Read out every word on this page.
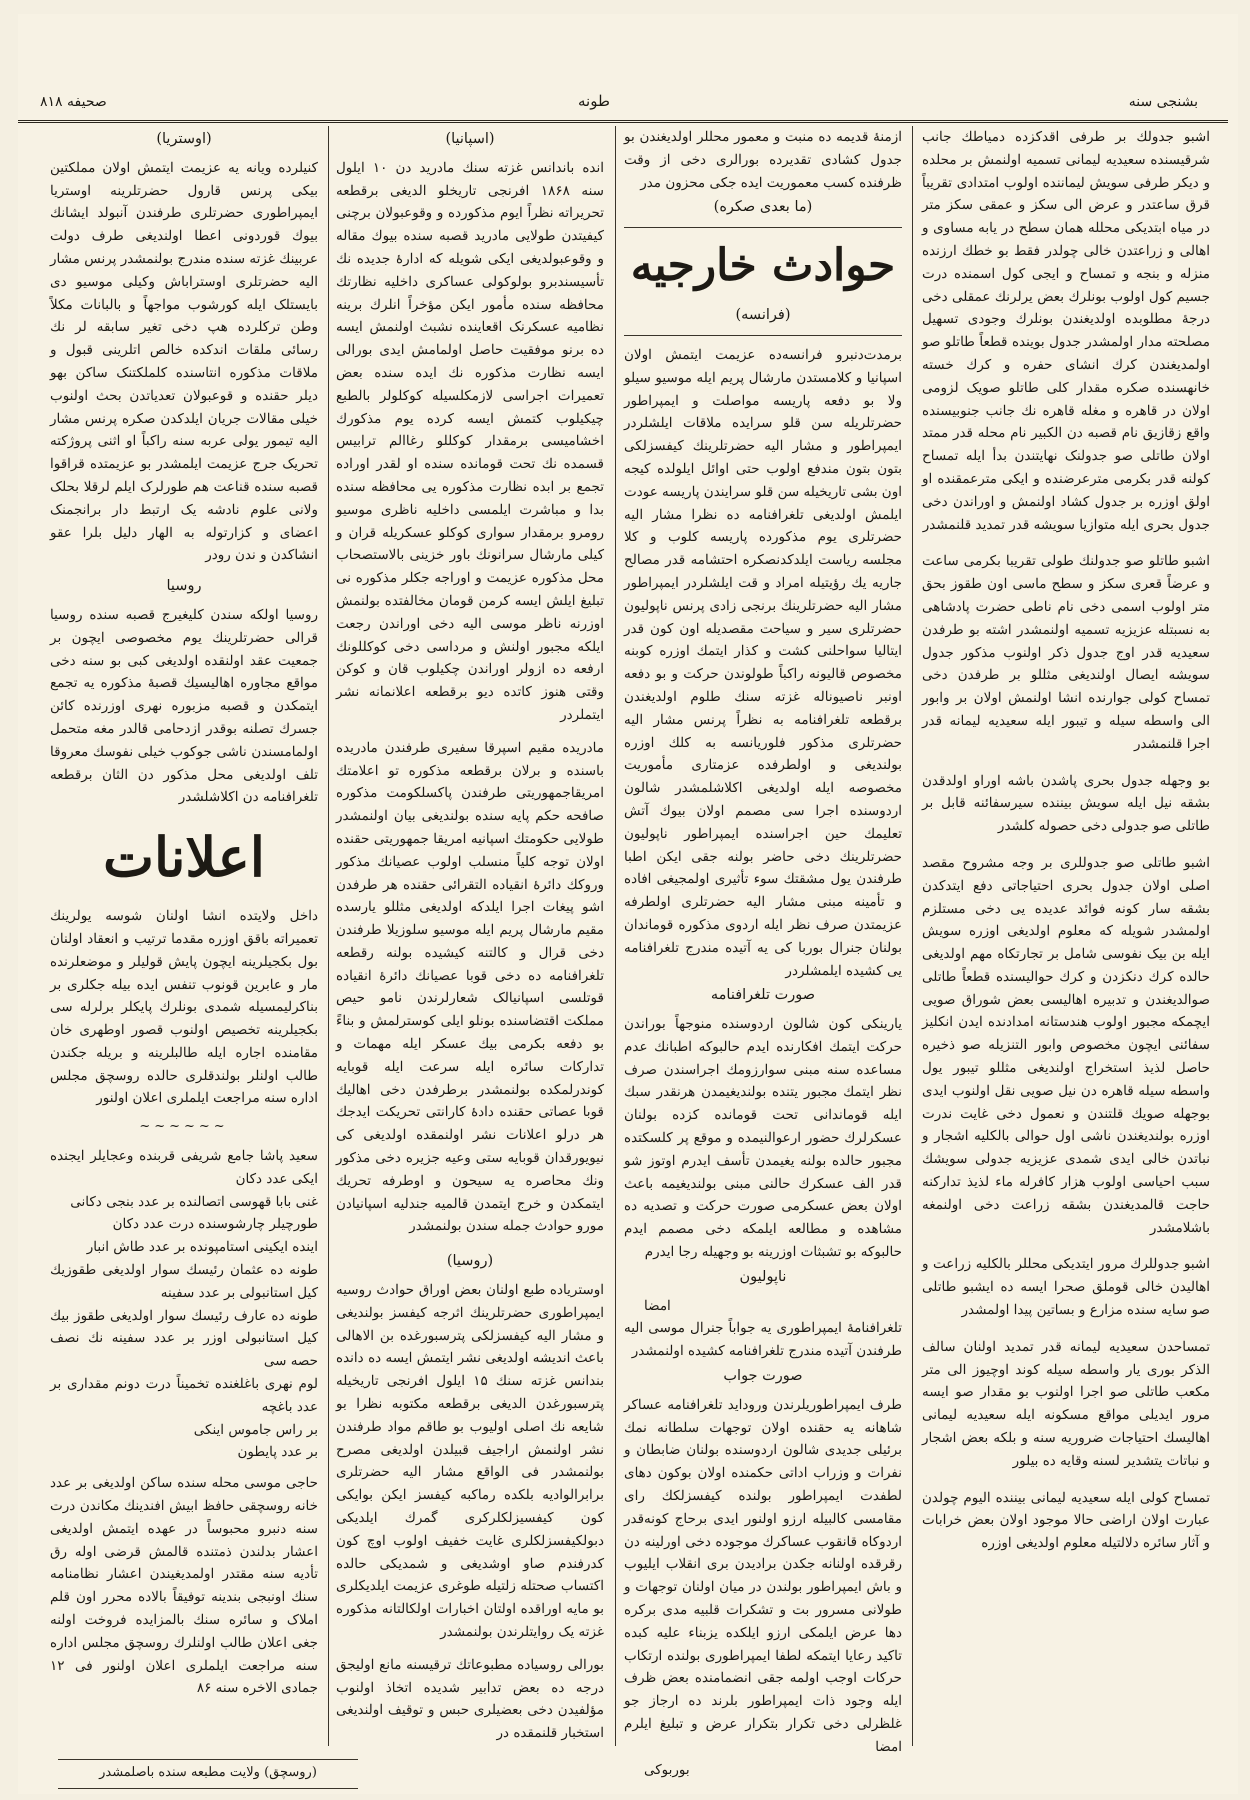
صحیفه ۸۱۸	طونه	بشنجی سنه
اشبو جدولك بر طرفی اقدکزده دمیاطك جانب شرقیسنده سعیدیه لیمانی تسمیه اولنمش بر محلده و دیکر طرفی سویش لیماننده اولوب امتدادی تقریباً قرق ساعتدر و عرض الی سکز و عمقی سکز متر در میاه ابتدیکی محلله همان سطح در یابه مساوی و اهالی و زراعتدن خالی چولدر فقط بو خطك ارزنده منزله و بنجه و تمساح و ایجی کول اسمنده درت جسیم کول اولوب بونلرك بعض یرلرنك عمقلی دخی درجهٔ مطلوبده اولدیغندن بونلرك وجودی تسهیل مصلحته مدار اولمشدر جدول بوینده قطعاً طاتلو صو اولمدیغندن کرك انشای حفره و کرك خسته خانهسنده صکره مقدار کلی طاتلو صویک لزومی اولان در قاهره و مغله قاهره نك جانب جنوبیسنده واقع زقازیق نام قصبه دن الکبیر نام محله قدر ممتد اولان طاتلی صو جدولنک نهایتندن بدأ ایله تمساح کولنه قدر بکرمی مترعرضنده و ایکی مترعمقنده او اولق اوزره بر جدول کشاد اولنمش و اوراندن دخی جدول بحری ایله متوازیا سویشه قدر تمدید قلنمشدر
اشبو طاتلو صو جدولنك طولی تقریبا بکرمی ساعت و عرضاً قعری سکز و سطح ماسی اون طقوز بحق متر اولوب اسمی دخی نام ناطی حضرت پادشاهی به نسبتله عزیزیه تسمیه اولنمشدر اشته بو طرفدن سعیدیه قدر اوج جدول ذکر اولنوب مذکور جدول سویشه ایصال اولندیغی مثللو بر طرفدن دخی تمساح کولی جوارنده انشا اولنمش اولان بر وابور الی واسطه سیله و تیبور ایله سعیدیه لیمانه قدر اجرا قلنمشدر
بو وجهله جدول بحری پاشدن باشه اوراو اولدقدن بشقه نیل ایله سویش بیننده سیرسفائنه قابل بر طاتلی صو جدولی دخی حصوله کلشدر
اشبو طاتلی صو جدوللری بر وجه مشروح مقصد اصلی اولان جدول بحری احتیاجاتی دفع ایتدکدن بشقه سار کونه فوائد عدیده یی دخی مستلزم اولمشدر شویله که معلوم اولدیغی اوزره سویش ایله بن بیک نفوسی شامل بر تجارتکاه مهم اولدیغی حالده کرك دنکزدن و کرك حوالیسنده قطعاً طاتلی صوالدیغندن و تدبیره اهالیسی بعض شوراق صویی ایچمکه مجبور اولوب هندستانه امدادنده ایدن انکلیز سفائنی ایچون مخصوص وابور التنزیله صو ذخیره حاصل لذیذ استخراج اولندیغی مثللو تیبور یول واسطه سیله قاهره دن نیل صویی نقل اولنوب ایدی بوجهله صویك قلتندن و نعمول دخی غایت ندرت اوزره بولندیغندن ناشی اول حوالی بالکلیه اشجار و نباتدن خالی ایدی شمدی عزیزیه جدولی سویشك سبب احیاسی اولوب هزار کافرله ماء لذیذ تدارکنه حاجت قالمدیغندن بشقه زراعت دخی اولنمغه باشلامشدر
اشبو جدوللرك مرور ایتدیکی محللر بالکلیه زراعت و اهالیدن خالی قوملق صحرا ایسه ده ایشبو طاتلی صو سایه سنده مزارع و بساتین پیدا اولمشدر
تمساحدن سعیدیه لیمانه قدر تمدید اولنان سالف الذکر بوری یار واسطه سیله کوند اوچیوز الی متر مکعب طاتلی صو اجرا اولنوب بو مقدار صو ایسه مرور ایدیلی مواقع مسکونه ایله سعیدیه لیمانی اهالیسك احتیاجات ضروریه سنه و بلکه بعض اشجار و نباتات یتشدیر لسنه وقایه ده بیلور
تمساح کولی ایله سعیدیه لیمانی بیننده الیوم چولدن عبارت اولان اراضی حالا موجود اولان بعض خرابات و آثار سائره دلالتیله معلوم اولدیغی اوزره
ازمنهٔ قدیمه ده منبت و معمور محللر اولدیغندن بو جدول کشادی تقدیرده بورالری دخی از وقت ظرفنده کسب معموریت ایده جکی محزون مدر
(ما بعدی صکره)
حوادث خارجیه
(فرانسه)
برمدت‌دنبرو فرانسه‌ده عزیمت ایتمش اولان اسپانیا و کلامستدن مارشال پریم ایله موسیو سیلو ولا بو دفعه پاریسه مواصلت و ایمپراطور حضرتلریله سن قلو سرایده ملاقات ایلشلردر ایمپراطور و مشار الیه حضرتلرینك کیفسزلکی بتون بتون مندفع اولوب حتی اوائل ایلولده کیجه اون بشی تاریخیله سن قلو سرایندن پاریسه عودت ایلمش اولدیغی تلغرافنامه ده نظرا مشار الیه حضرتلری یوم مذکورده پاریسه کلوب و کلا مجلسه ریاست ایلدکدنصکره احتشامه قدر مصالح جاریه یك رؤیتیله امراد و قت ایلشلردر ایمپراطور مشار الیه حضرتلرینك برنجی زادی پرنس ناپولیون حضرتلری سیر و سیاحت مقصدیله اون کون قدر ایتالیا سواحلنی کشت و کذار ایتمك اوزره کوبنه مخصوص قالیونه راکباً طولوندن حرکت و بو دفعه اونبر ناصیوناله غزته سنك طلوم اولدیغندن برقطعه تلغرافنامه به نظراً پرنس مشار الیه حضرتلری مذکور فلوریانسه به کلك اوزره بولندیغی و اولطرفده عزمتاری مأموریت مخصوصه ایله اولدیغی اکلاشلمشدر شالون اردوسنده اجرا سی مصمم اولان بیوك آتش تعلیمك حین اجراسنده ایمپراطور ناپولیون حضرتلرینك دخی حاضر بولنه جقی ایکن اطبا طرفندن یول مشقتك سوء تأثیری اولمجیغی افاده و تأمینه مبنی مشار الیه حضرتلری اولطرفه عزیمتدن صرف نظر ایله اردوی مذکوره قوماندان بولنان جنرال بوربا کی یه آتیده مندرج تلغرافنامه یی کشیده ایلمشلردر
صورت تلغرافنامه
یارینکی کون شالون اردوسنده منوجهاً بوراندن حرکت ایتمك افکارنده ایدم حالبوکه اطبانك عدم مساعده سنه مبنی سوارزومك اجراسندن صرف نظر ایتمك مجبور یتنده بولندیغیمدن هرنقدر سبك ایله قوماندانی تحت قومانده کزده بولنان عسکرلرك حضور ارعوالنیمده و موقع پر کلسکتده مجبور حالده بولنه یغیمدن تأسف ایدرم اوتوز شو قدر الف عسکرك حالنی مبنی بولندیغیمه باعث اولان بعض عسکرمی صورت حرکت و تصدیه ده مشاهده و مطالعه ایلمکه دخی مصمم ایدم حالبوکه بو تشبثات اوزرینه بو وجهیله رجا ایدرم
ناپولیون
امضا
تلغرافنامهٔ ایمپراطوری یه جواباً جنرال موسی الیه طرفندن آتیده مندرج تلغرافنامه کشیده اولنمشدر
صورت جواب
طرف ایمپراطوریلرندن وروداید تلغرافنامه عساکر شاهانه یه حقنده اولان توجهات سلطانه نمك برئیلی جدیدی شالون اردوسنده بولنان ضابطان و نفرات و وزراب اداتی حکمنده اولان بوکون دهای لطفدت ایمپراطور بولنده کیفسزلکك رای مقامسی کالبیله ارزو اولنور ایدی برحاج کونه‌قدر اردوکاه قانقوب عساکرك موجوده دخی اورلینه دن رقرقده اولنانه جکدن برادیدن بری انقلاب ایلیوب و باش ایمپراطور بولندن در میان اولنان توجهات و طولانی مسرور بت و تشکرات قلبیه مدی برکره دها عرض ایلمکی ارزو ایلکده یزبناء علیه کبده تاکید رعایا ایتمکه لطفا ایمپراطوری بولنده ارتکاب حرکات اوجب اولمه جقی انضمامنده بعض ظرف ایله وجود ذات ایمپراطور بلرند ده ارجاز جو غلظرلی دخی تکرار بتکرار عرض و تبلیغ ایلرم امضا
بوربوکی
(اسپانیا)
انده باندانس غزته سنك مادرید دن ۱۰ ایلول سنه ۱۸۶۸ افرنجی تاریخلو الدیغی برقطعه تحریراته نظراً ایوم مذکورده و وقوعبولان برچنی کیفیتدن طولایی مادرید قصبه سنده بیوك مقاله و وقوعبولدیغی ایکی شویله که ادارهٔ جدیده نك تأسیسندبرو بولوکولی عساکری داخلیه نظارتك محافظه سنده مأمور ایکن مؤخراً انلرك برینه نظامیه عسکرنک اقعاینده نشبث اولنمش ایسه ده برنو موفقیت حاصل اولمامش ایدی بورالی ایسه نظارت مذکوره نك ایده سنده بعض تعمیرات اجراسی لازمکلسیله کوکلولر بالطبع چیکیلوب کتمش ایسه کرده یوم مذکورك اخشامیسی برمقدار کوکللو رغاالم ترابیس قسمده نك تحت قومانده سنده او لقدر اوراده تجمع بر ابده نظارت مذکوره یی محافظه سنده بدا و مباشرت ایلمسی داخلیه ناظری موسیو رومرو برمقدار سواری کوکلو عسکریله قران و کیلی مارشال سرانونك باور خزینی بالاستصحاب محل مذکوره عزیمت و اوراجه جکلر مذکوره نی تبلیغ ایلش ایسه کرمن قومان مخالفتده بولنمش اوزرنه ناظر موسی الیه دخی اوراندن رجعت ایلکه مجبور اولنش و مرداسی دخی کوکللونك ارفعه ده ازولر اوراندن چکیلوب قان و کوکن وقتی هنوز کاتده دیو برقطعه اعلانمانه نشر ایتملردر
مادریده مقیم اسپرقا سفیری طرفندن مادریده باسنده و برلان برقطعه مذکوره تو اعلامتك امریقاجمهوریتی طرفندن پاکسلکومت مذکوره صافحه حکم پایه سنده بولندیغی بیان اولنمشدر طولایی حکومتك اسپانیه امریقا جمهوریتی حقنده اولان توجه کلیاً منسلب اولوب عصیانك مذکور وروکك دائرهٔ انقیاده التقرائی حقنده هر طرفدن اشو پیغات اجرا ایلدکه اولدیغی مثللو یارسده مقیم مارشال پریم ایله موسیو سلوزیلا طرفندن دخی قرال و کالتنه کیشیده بولنه رقطعه تلغرافنامه ده دخی قوبا عصیانك دائرهٔ انقیاده قوتلسی اسپانیالک شعارلرندن نامو حیص مملکت اقتضاسنده بونلو ایلی کوسترلمش و بناءً بو دفعه بکرمی بیك عسکر ایله مهمات و تدارکات سائره ایله سرعت ایله قوبایه کوندرلمکده بولنمشدر برطرفدن دخی اهالیك قوبا عصاتی حقنده دادهٔ کارانتی تحریکت ایدجك هر درلو اعلانات نشر اولنمقده اولدیغی کی نیویورقدان قوبایه ستی وعیه جزیره دخی مذکور ونك محاصره یه سیحون و اوطرفه تحریك ایتمکدن و خرج ایتمدن قالمیه جندلیه اسپانیادن مورو حوادث جمله سندن بولنمشدر
(روسیا)
اوستریاده طبع اولنان بعض اوراق حوادث روسیه ایمپراطوری حضرتلرینك اثرجه کیفسز بولندیغی و مشار الیه کیفسزلکی پترسبورغده بن الاهالی باعث اندیشه اولدیغی نشر ایتمش ایسه ده دانده بندانس غزته سنك ۱۵ ایلول افرنجی تاریخیله پترسبورغدن الدیغی برقطعه مکتوبه نظرا بو شایعه نك اصلی اولیوب بو طاقم مواد طرفندن نشر اولنمش اراجیف قبیلدن اولدیغی مصرح بولنمشدر فی الواقع مشار الیه حضرتلری برابرالوادیه بلکده رماکبه کیفسز ایکن بوایکی کون کیفسیزلکلرکری گمرك ایلدیکی دبولکیفسزلکلری غایت خفیف اولوب اوچ کون کدرفندم صاو اوشدیغی و شمدیکی حالده اکتساب صحتله زلتیله طوغری عزیمت ایلدیکلری بو مایه اوراقده اولتان اخبارات اولکالتانه مذکوره غزته یک روایتلرندن بولنمشدر
بورالی روسیاده مطبوعاتك ترقیسنه مانع اولیجق درجه ده بعض تدابیر شدیده اتخاذ اولنوب مؤلفیدن دخی بعضیلری حبس و توقیف اولندیغی استخبار قلنمقده در
(اوستریا)
کنیلرده ویانه یه عزیمت ایتمش اولان مملکتین بیکی پرنس قارول حضرتلرینه اوستریا ایمپراطوری حضرتلری طرفندن آنبولد ایشانك بیوك قوردونی اعطا اولندیغی طرف دولت عربینك غزته سنده مندرج بولنمشدر پرنس مشار الیه حضرتلری اوستراباش وکیلی موسیو دی بایستلک ایله کورشوب مواجهاً و بالبانات مکلاً وطن ترکلرده هپ دخی تغیر سابقه لر نك رسائی ملقات اندکده خالص اتلرینی قبول و ملاقات مذکوره انتاسنده کلملکتنک ساکن بهو دیلر حقنده و قوعبولان تعدیاتدن بحث اولنوب خیلی مقالات جریان ایلدکدن صکره پرنس مشار الیه تیمور یولی عربه سنه راکباً او اثنی پروژکته تحریک جرج عزیمت ایلمشدر بو عزیمتده قراقوا قصبه سنده قناعت هم طورلرک ایلم لرقلا بحلک ولانی علوم نادشه یک ارتبط دار برانجمنک اعضای و کزارتوله به الهار دلیل بلرا عقو انشاکدن و ندن رودر
روسیا
روسیا اولکه سندن کلیغیرج قصبه سنده روسیا قرالی حضرتلرینك یوم مخصوصی ایچون بر جمعیت عقد اولنقده اولدیغی کبی بو سنه دخی مواقع مجاوره اهالیسیك قصبهٔ مذکوره یه تجمع ایتمکدن و قصبه مزبوره نهری اوزرنده کائن جسرك تصلنه بوقدر ازدحامی قالدر مغه متحمل اولمامسندن ناشی جوکوب خیلی نفوسك معروقا تلف اولدیغی محل مذکور دن الثان برقطعه تلغرافنامه دن اکلاشلشدر
اعلانات
داخل ولایتده انشا اولنان شوسه یولرینك تعمیراته باقق اوزره مقدما ترتیب و انعقاد اولنان بول بکجیلرینه ایچون پایش قولیلر و موضعلرنده مار و عابرین قونوب تنفس ایده بیله جکلری بر بناکرلیمسیله شمدی بونلرك پایکلر برلرله سی بکجیلرینه تخصیص اولنوب قصور اوطهری خان مقامنده اجاره ایله طالبلرینه و بریله جکندن طالب اولنلر بولندقلری حالده روسچق مجلس اداره سنه مراجعت ایلملری اعلان اولنور
~~~~~~
سعید پاشا جامع شریفی قربنده وعجایلر ایجنده ایکی عدد دکان
غنی بابا قهوسی اتصالنده بر عدد بنجی دکانی
طورچیلر چارشوسنده درت عدد دکان
اینده ایکینی استامپونده بر عدد طاش انبار
طونه ده عثمان رئیسك سوار اولدیغی طقوزیك کیل استانبولی بر عدد سفینه
طونه ده عارف رئیسك سوار اولدیغی طقوز بیك کیل استانبولی اوزر بر عدد سفینه نك نصف حصه سی
لوم نهری باغلغنده تخمیناً درت دونم مقداری بر عدد باغچه
بر راس جاموس اینکی
بر عدد پایطون
حاجی موسی محله سنده ساکن اولدیغی بر عدد خانه روسچقی حافظ ابیش افندینك مکاندن درت سنه دنبرو محبوساً در عهده ایتمش اولدیغی اعشار بدلندن ذمتنده قالمش قرضی اوله رق تأدیه سنه مقتدر اولمدیغیندن اعشار نظامنامه سنك اونبجی بندینه توفیقاً بالاده محرر اون قلم املاک و سائره سنك بالمزایده فروخت اولنه جغی اعلان طالب اولنلرك روسچق مجلس اداره سنه مراجعت ایلملری اعلان اولنور فی ۱۲ جمادی الاخره سنه ۸۶
(روسچق) ولایت مطبعه سنده باصلمشدر
